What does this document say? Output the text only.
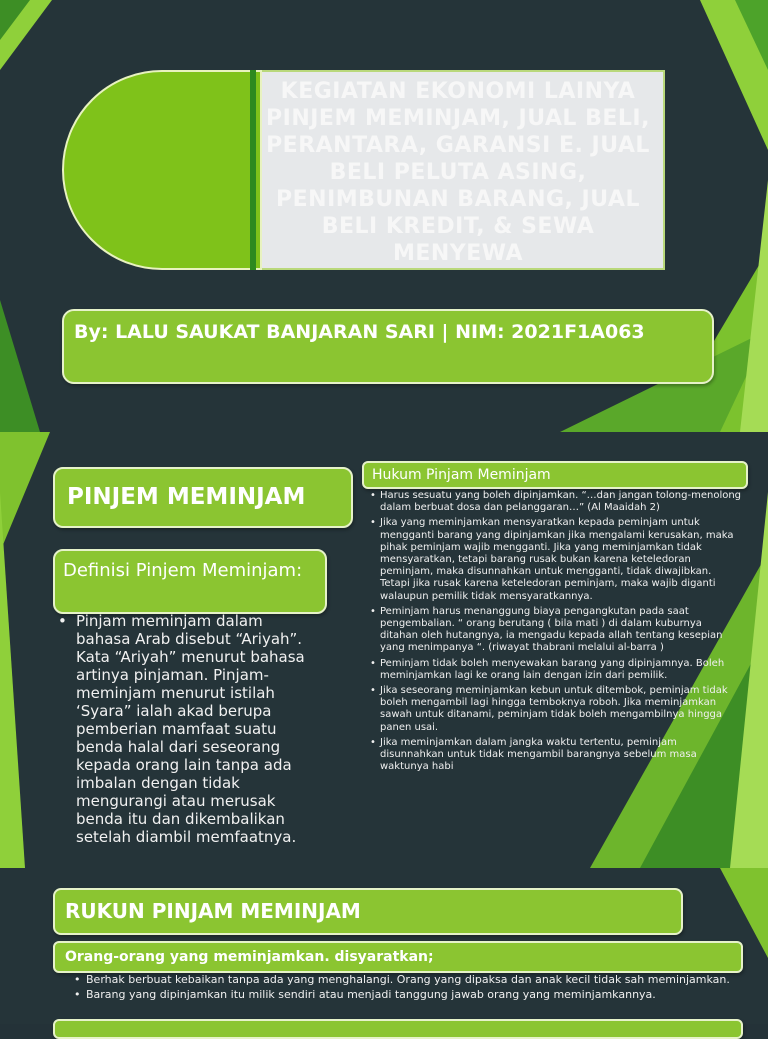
KEGIATAN EKONOMI LAINYA PINJEM MEMINJAM, JUAL BELI, PERANTARA, GARANSI E. JUAL BELI PELUTA ASING, PENIMBUNAN BARANG, JUAL BELI KREDIT, & SEWA MENYEWA
By: LALU SAUKAT BANJARAN SARI | NIM: 2021F1A063
PINJEM MEMINJAM
Definisi Pinjem Meminjam:
• Pinjam meminjam dalam bahasa Arab disebut “Ariyah”. Kata “Ariyah” menurut bahasa artinya pinjaman. Pinjam-meminjam menurut istilah ‘Syara” ialah akad berupa pemberian mamfaat suatu benda halal dari seseorang kepada orang lain tanpa ada imbalan dengan tidak mengurangi atau merusak benda itu dan dikembalikan setelah diambil memfaatnya.
Hukum Pinjam Meminjam
• Harus sesuatu yang boleh dipinjamkan. “…dan jangan tolong-menolong dalam berbuat dosa dan pelanggaran…” (Al Maaidah 2)
• Jika yang meminjamkan mensyaratkan kepada peminjam untuk mengganti barang yang dipinjamkan jika mengalami kerusakan, maka pihak peminjam wajib mengganti. Jika yang meminjamkan tidak mensyaratkan, tetapi barang rusak bukan karena keteledoran peminjam, maka disunnahkan untuk mengganti, tidak diwajibkan. Tetapi jika rusak karena keteledoran peminjam, maka wajib diganti walaupun pemilik tidak mensyaratkannya.
• Peminjam harus menanggung biaya pengangkutan pada saat pengembalian. “ orang berutang ( bila mati ) di dalam kuburnya ditahan oleh hutangnya, ia mengadu kepada allah tentang kesepian yang menimpanya “. (riwayat thabrani melalui al-barra )
• Peminjam tidak boleh menyewakan barang yang dipinjamnya. Boleh meminjamkan lagi ke orang lain dengan izin dari pemilik.
• Jika seseorang meminjamkan kebun untuk ditembok, peminjam tidak boleh mengambil lagi hingga temboknya roboh. Jika meminjamkan sawah untuk ditanami, peminjam tidak boleh mengambilnya hingga panen usai.
• Jika meminjamkan dalam jangka waktu tertentu, peminjam disunnahkan untuk tidak mengambil barangnya sebelum masa waktunya habi
RUKUN PINJAM MEMINJAM
Orang-orang yang meminjamkan. disyaratkan;
• Berhak berbuat kebaikan tanpa ada yang menghalangi. Orang yang dipaksa dan anak kecil tidak sah meminjamkan.
• Barang yang dipinjamkan itu milik sendiri atau menjadi tanggung jawab orang yang meminjamkannya.
